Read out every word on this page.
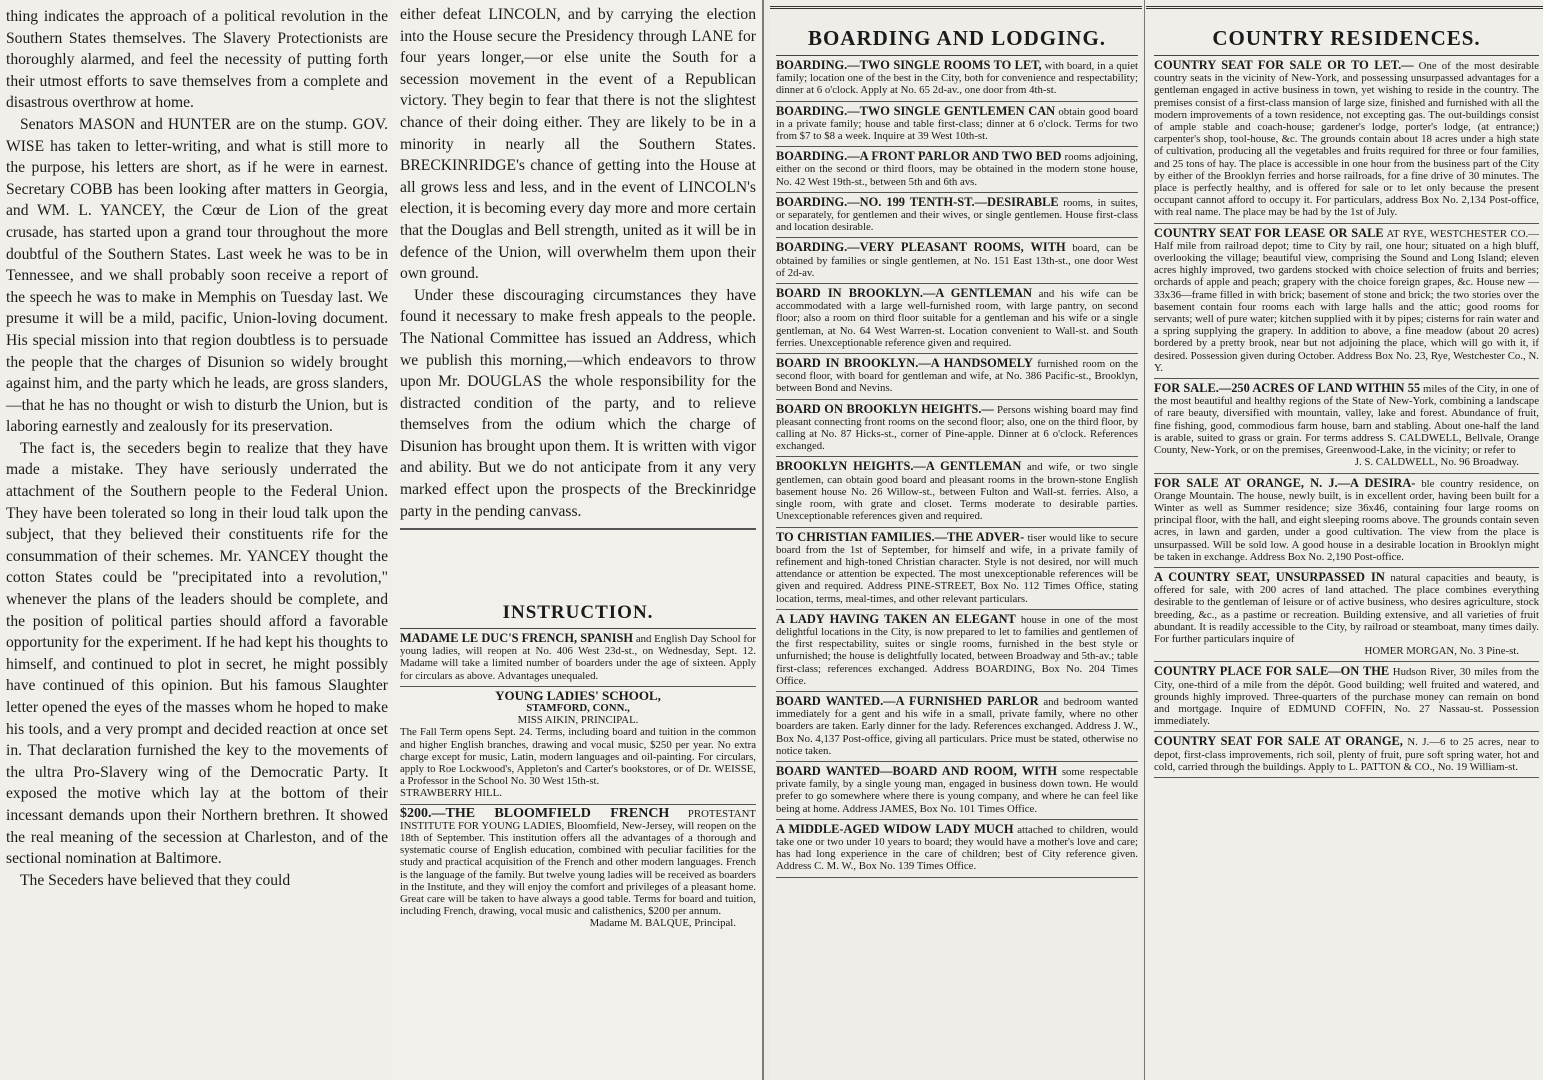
thing indicates the approach of a political revolution in the Southern States themselves. The Slavery Protectionists are thoroughly alarmed, and feel the necessity of putting forth their utmost efforts to save themselves from a complete and disastrous overthrow at home.

Senators MASON and HUNTER are on the stump. GOV. WISE has taken to letter-writing, and what is still more to the purpose, his letters are short, as if he were in earnest. Secretary COBB has been looking after matters in Georgia, and WM. L. YANCEY, the Cœur de Lion of the great crusade, has started upon a grand tour throughout the more doubtful of the Southern States. Last week he was to be in Tennessee, and we shall probably soon receive a report of the speech he was to make in Memphis on Tuesday last. We presume it will be a mild, pacific, Union-loving document. His special mission into that region doubtless is to persuade the people that the charges of Disunion so widely brought against him, and the party which he leads, are gross slanders,—that he has no thought or wish to disturb the Union, but is laboring earnestly and zealously for its preservation.

The fact is, the seceders begin to realize that they have made a mistake. They have seriously underrated the attachment of the Southern people to the Federal Union. They have been tolerated so long in their loud talk upon the subject, that they believed their constituents rife for the consummation of their schemes. Mr. YANCEY thought the cotton States could be "precipitated into a revolution," whenever the plans of the leaders should be complete, and the position of political parties should afford a favorable opportunity for the experiment. If he had kept his thoughts to himself, and continued to plot in secret, he might possibly have continued of this opinion. But his famous Slaughter letter opened the eyes of the masses whom he hoped to make his tools, and a very prompt and decided reaction at once set in. That declaration furnished the key to the movements of the ultra Pro-Slavery wing of the Democratic Party. It exposed the motive which lay at the bottom of their incessant demands upon their Northern brethren. It showed the real meaning of the secession at Charleston, and of the sectional nomination at Baltimore.

The Seceders have believed that they could

either defeat LINCOLN, and by carrying the election into the House secure the Presidency through LANE for four years longer,—or else unite the South for a secession movement in the event of a Republican victory. They begin to fear that there is not the slightest chance of their doing either. They are likely to be in a minority in nearly all the Southern States. BRECKINRIDGE's chance of getting into the House at all grows less and less, and in the event of LINCOLN's election, it is becoming every day more and more certain that the Douglas and Bell strength, united as it will be in defence of the Union, will overwhelm them upon their own ground.

Under these discouraging circumstances they have found it necessary to make fresh appeals to the people. The National Committee has issued an Address, which we publish this morning,—which endeavors to throw upon Mr. DOUGLAS the whole responsibility for the distracted condition of the party, and to relieve themselves from the odium which the charge of Disunion has brought upon them. It is written with vigor and ability. But we do not anticipate from it any very marked effect upon the prospects of the Breckinridge party in the pending canvass.

INSTRUCTION.
MADAME LE DUC'S FRENCH, SPANISH and English Day School for young ladies, will reopen at No. 406 West 23d-st., on Wednesday, Sept. 12. Madame will take a limited number of boarders under the age of sixteen. Apply for circulars as above. Advantages unequaled.
YOUNG LADIES' SCHOOL,
STAMFORD, CONN.,
MISS AIKIN, PRINCIPAL.
The Fall Term opens Sept. 24. Terms, including board and tuition in the common and higher English branches, drawing and vocal music, $250 per year. No extra charge except for music, Latin, modern languages and oil-painting. For circulars, apply to Roe Lockwood's, Appleton's and Carter's bookstores, or of Dr. WEISSE, a Professor in the School No. 30 West 15th-st.
STRAWBERRY HILL.
$200.—THE BLOOMFIELD FRENCH PROTESTANT INSTITUTE FOR YOUNG LADIES, Bloomfield, New-Jersey, will reopen on the 18th of September. This institution offers all the advantages of a thorough and systematic course of English education, combined with peculiar facilities for the study and practical acquisition of the French and other modern languages. French is the language of the family. But twelve young ladies will be received as boarders in the Institute, and they will enjoy the comfort and privileges of a pleasant home. Great care will be taken to have always a good table. Terms for board and tuition, including French, drawing, vocal music and calisthenics, $200 per annum.
Madame M. BALQUE, Principal.
BOARDING AND LODGING.
BOARDING.—TWO SINGLE ROOMS TO LET, with board, in a quiet family; location one of the best in the City, both for convenience and respectability; dinner at 6 o'clock. Apply at No. 65 2d-av., one door from 4th-st.
BOARDING.—TWO SINGLE GENTLEMEN CAN obtain good board in a private family; house and table first-class; dinner at 6 o'clock. Terms for two from $7 to $8 a week. Inquire at 39 West 10th-st.
BOARDING.—A FRONT PARLOR AND TWO BED rooms adjoining, either on the second or third floors, may be obtained in the modern stone house, No. 42 West 19th-st., between 5th and 6th avs.
BOARDING.—NO. 199 TENTH-ST.—DESIRABLE rooms, in suites, or separately, for gentlemen and their wives, or single gentlemen. House first-class and location desirable.
BOARDING.—VERY PLEASANT ROOMS, WITH board, can be obtained by families or single gentlemen, at No. 151 East 13th-st., one door West of 2d-av.
BOARD IN BROOKLYN.—A GENTLEMAN and his wife can be accommodated with a large well-furnished room, with large pantry, on second floor; also a room on third floor suitable for a gentleman and his wife or a single gentleman, at No. 64 West Warren-st. Location convenient to Wall-st. and South ferries. Unexceptionable reference given and required.
BOARD IN BROOKLYN.—A HANDSOMELY furnished room on the second floor, with board for gentleman and wife, at No. 386 Pacific-st., Brooklyn, between Bond and Nevins.
BOARD ON BROOKLYN HEIGHTS.— Persons wishing board may find pleasant connecting front rooms on the second floor; also, one on the third floor, by calling at No. 87 Hicks-st., corner of Pine-apple. Dinner at 6 o'clock. References exchanged.
BROOKLYN HEIGHTS.—A GENTLEMAN and wife, or two single gentlemen, can obtain good board and pleasant rooms in the brown-stone English basement house No. 26 Willow-st., between Fulton and Wall-st. ferries. Also, a single room, with grate and closet. Terms moderate to desirable parties. Unexceptionable references given and required.
TO CHRISTIAN FAMILIES.—THE ADVER- tiser would like to secure board from the 1st of September, for himself and wife, in a private family of refinement and high-toned Christian character. Style is not desired, nor will much attendance or attention be expected. The most unexceptionable references will be given and required. Address PINE-STREET, Box No. 112 Times Office, stating location, terms, meal-times, and other relevant particulars.
A LADY HAVING TAKEN AN ELEGANT house in one of the most delightful locations in the City, is now prepared to let to families and gentlemen of the first respectability, suites or single rooms, furnished in the best style or unfurnished; the house is delightfully located, between Broadway and 5th-av.; table first-class; references exchanged. Address BOARDING, Box No. 204 Times Office.
BOARD WANTED.—A FURNISHED PARLOR and bedroom wanted immediately for a gent and his wife in a small, private family, where no other boarders are taken. Early dinner for the lady. References exchanged. Address J. W., Box No. 4,137 Post-office, giving all particulars. Price must be stated, otherwise no notice taken.
BOARD WANTED—BOARD AND ROOM, WITH some respectable private family, by a single young man, engaged in business down town. He would prefer to go somewhere where there is young company, and where he can feel like being at home. Address JAMES, Box No. 101 Times Office.
A MIDDLE-AGED WIDOW LADY MUCH attached to children, would take one or two under 10 years to board; they would have a mother's love and care; has had long experience in the care of children; best of City reference given. Address C. M. W., Box No. 139 Times Office.
COUNTRY RESIDENCES.
COUNTRY SEAT FOR SALE OR TO LET.— One of the most desirable country seats in the vicinity of New-York, and possessing unsurpassed advantages for a gentleman engaged in active business in town, yet wishing to reside in the country. The premises consist of a first-class mansion of large size, finished and furnished with all the modern improvements of a town residence, not excepting gas. The out-buildings consist of ample stable and coach-house; gardener's lodge, porter's lodge, (at entrance;) carpenter's shop, tool-house, &c. The grounds contain about 18 acres under a high state of cultivation, producing all the vegetables and fruits required for three or four families, and 25 tons of hay. The place is accessible in one hour from the business part of the City by either of the Brooklyn ferries and horse railroads, for a fine drive of 30 minutes. The place is perfectly healthy, and is offered for sale or to let only because the present occupant cannot afford to occupy it. For particulars, address Box No. 2,134 Post-office, with real name. The place may be had by the 1st of July.
COUNTRY SEAT FOR LEASE OR SALE AT RYE, WESTCHESTER CO.—Half mile from railroad depot; time to City by rail, one hour; situated on a high bluff, overlooking the village; beautiful view, comprising the Sound and Long Island; eleven acres highly improved, two gardens stocked with choice selection of fruits and berries; orchards of apple and peach; grapery with the choice foreign grapes, &c. House new —33x36—frame filled in with brick; basement of stone and brick; the two stories over the basement contain four rooms each with large halls and the attic; good rooms for servants; well of pure water; kitchen supplied with it by pipes; cisterns for rain water and a spring supplying the grapery. In addition to above, a fine meadow (about 20 acres) bordered by a pretty brook, near but not adjoining the place, which will go with it, if desired. Possession given during October. Address Box No. 23, Rye, Westchester Co., N. Y.
FOR SALE.—250 ACRES OF LAND WITHIN 55 miles of the City, in one of the most beautiful and healthy regions of the State of New-York, combining a landscape of rare beauty, diversified with mountain, valley, lake and forest. Abundance of fruit, fine fishing, good, commodious farm house, barn and stabling. About one-half the land is arable, suited to grass or grain. For terms address S. CALDWELL, Bellvale, Orange County, New-York, or on the premises, Greenwood-Lake, in the vicinity; or refer to
J. S. CALDWELL, No. 96 Broadway.
FOR SALE AT ORANGE, N. J.—A DESIRA- ble country residence, on Orange Mountain. The house, newly built, is in excellent order, having been built for a Winter as well as Summer residence; size 36x46, containing four large rooms on principal floor, with the hall, and eight sleeping rooms above. The grounds contain seven acres, in lawn and garden, under a good cultivation. The view from the place is unsurpassed. Will be sold low. A good house in a desirable location in Brooklyn might be taken in exchange. Address Box No. 2,190 Post-office.
A COUNTRY SEAT, UNSURPASSED IN natural capacities and beauty, is offered for sale, with 200 acres of land attached. The place combines everything desirable to the gentleman of leisure or of active business, who desires agriculture, stock breeding, &c., as a pastime or recreation. Building extensive, and all varieties of fruit abundant. It is readily accessible to the City, by railroad or steamboat, many times daily. For further particulars inquire of
HOMER MORGAN, No. 3 Pine-st.
COUNTRY PLACE FOR SALE—ON THE Hudson River, 30 miles from the City, one-third of a mile from the dépôt. Good building; well fruited and watered, and grounds highly improved. Three-quarters of the purchase money can remain on bond and mortgage. Inquire of EDMUND COFFIN, No. 27 Nassau-st. Possession immediately.
COUNTRY SEAT FOR SALE AT ORANGE, N. J.—6 to 25 acres, near to depot, first-class improvements, rich soil, plenty of fruit, pure soft spring water, hot and cold, carried through the buildings. Apply to L. PATTON & CO., No. 19 William-st.
